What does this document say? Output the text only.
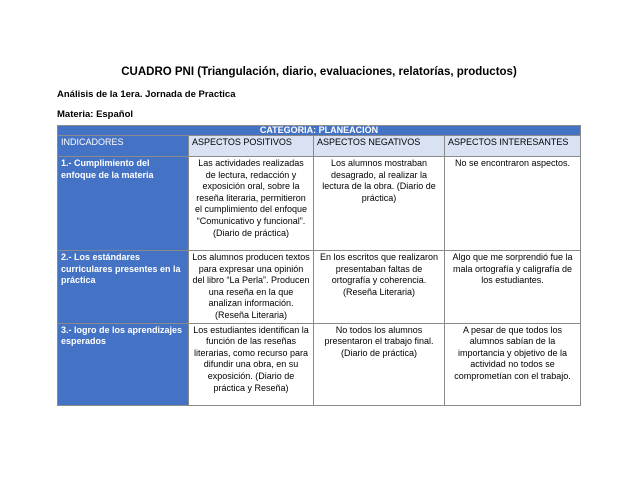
CUADRO PNI (Triangulación, diario, evaluaciones, relatorías, productos)
Análisis de la 1era. Jornada de Practica
Materia: Español
CATEGORIA: PLANEACIÓN			
INDICADORES	ASPECTOS POSITIVOS	ASPECTOS NEGATIVOS	ASPECTOS INTERESANTES
1.- Cumplimiento del enfoque de la materia	Las actividades realizadas de lectura, redacción y exposición oral, sobre la reseña literaria, permitieron el cumplimiento del enfoque “Comunicativo y funcional”. (Diario de práctica)	Los alumnos mostraban desagrado, al realizar la lectura de la obra. (Diario de práctica)	No se encontraron aspectos.
2.- Los estándares curriculares presentes en la práctica	Los alumnos producen textos para expresar una opinión del libro “La Perla”. Producen una reseña en la que analizan información. (Reseña Literaria)	En los escritos que realizaron presentaban faltas de ortografía y coherencia. (Reseña Literaria)	Algo que me sorprendió fue la mala ortografía y caligrafía de los estudiantes.
3.- logro de los aprendizajes esperados	Los estudiantes identifican la función de las reseñas literarias, como recurso para difundir una obra, en su exposición. (Diario de práctica y Reseña)	No todos los alumnos presentaron el trabajo final. (Diario de práctica)	A pesar de que todos los alumnos sabían de la importancia y objetivo de la actividad no todos se comprometían con el trabajo.
